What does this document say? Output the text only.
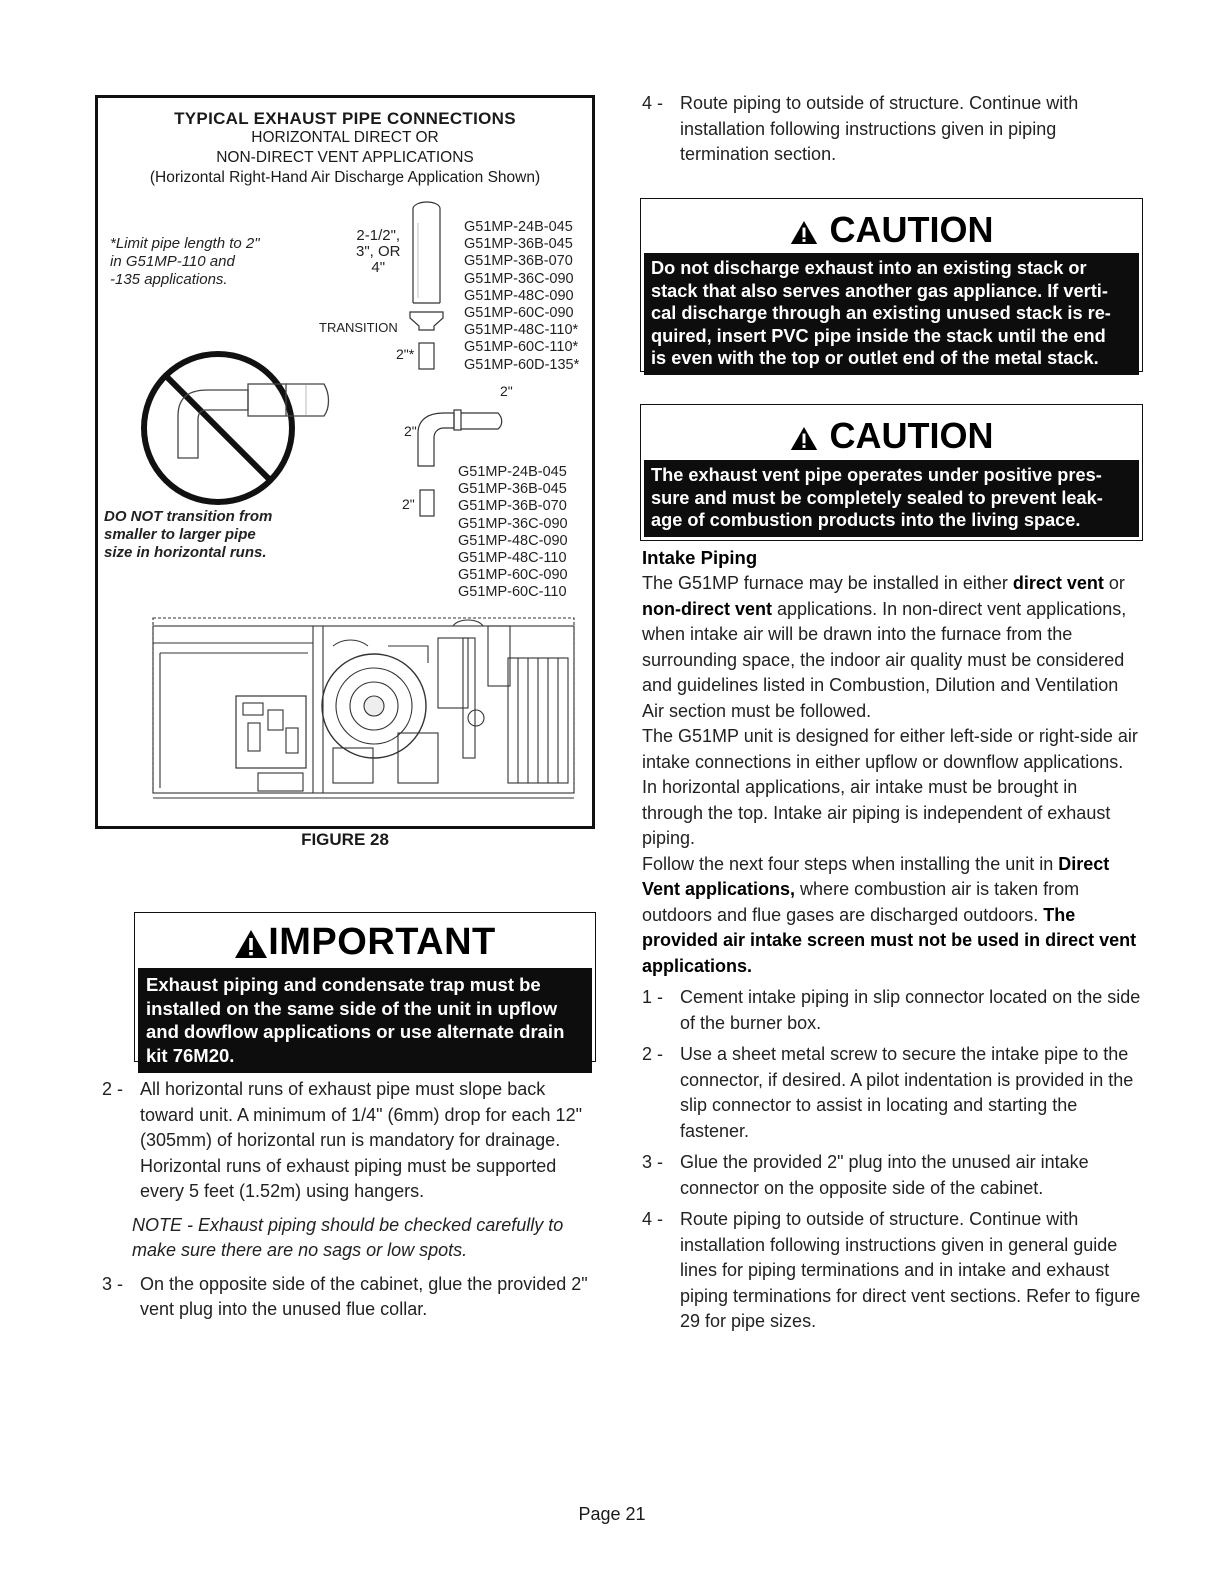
TYPICAL EXHAUST PIPE CONNECTIONS
HORIZONTAL DIRECT OR
NON-DIRECT VENT APPLICATIONS
(Horizontal Right-Hand Air Discharge Application Shown)
*Limit pipe length to 2"
in G51MP-110 and
-135 applications.
2-1/2",
3", OR
4"
TRANSITION
2"*
G51MP-24B-045
G51MP-36B-045
G51MP-36B-070
G51MP-36C-090
G51MP-48C-090
G51MP-60C-090
G51MP-48C-110*
G51MP-60C-110*
G51MP-60D-135*
2"
2"
2"
G51MP-24B-045
G51MP-36B-045
G51MP-36B-070
G51MP-36C-090
G51MP-48C-090
G51MP-48C-110
G51MP-60C-090
G51MP-60C-110
DO NOT transition from
smaller to larger pipe
size in horizontal runs.
FIGURE 28
IMPORTANT
Exhaust piping and condensate trap must be
installed on the same side of the unit in upflow
and dowflow applications or use alternate drain
kit 76M20.
2 - All horizontal runs of exhaust pipe must slope back toward unit. A minimum of 1/4" (6mm) drop for each 12" (305mm) of horizontal run is mandatory for drainage. Horizontal runs of exhaust piping must be supported every 5 feet (1.52m) using hangers.
NOTE - Exhaust piping should be checked carefully to make sure there are no sags or low spots.
3 - On the opposite side of the cabinet, glue the provided 2" vent plug into the unused flue collar.
4 - Route piping to outside of structure. Continue with installation following instructions given in piping termination section.
CAUTION
Do not discharge exhaust into an existing stack or
stack that also serves another gas appliance. If verti-
cal discharge through an existing unused stack is re-
quired, insert PVC pipe inside the stack until the end
is even with the top or outlet end of the metal stack.
CAUTION
The exhaust vent pipe operates under positive pres-
sure and must be completely sealed to prevent leak-
age of combustion products into the living space.
Intake Piping
The G51MP furnace may be installed in either direct vent or non-direct vent applications. In non-direct vent applications, when intake air will be drawn into the furnace from the surrounding space, the indoor air quality must be considered and guidelines listed in Combustion, Dilution and Ventilation Air section must be followed.
The G51MP unit is designed for either left-side or right-side air intake connections in either upflow or downflow applications. In horizontal applications, air intake must be brought in through the top. Intake air piping is independent of exhaust piping.
Follow the next four steps when installing the unit in Direct Vent applications, where combustion air is taken from outdoors and flue gases are discharged outdoors. The provided air intake screen must not be used in direct vent applications.
1 - Cement intake piping in slip connector located on the side of the burner box.
2 - Use a sheet metal screw to secure the intake pipe to the connector, if desired. A pilot indentation is provided in the slip connector to assist in locating and starting the fastener.
3 - Glue the provided 2" plug into the unused air intake connector on the opposite side of the cabinet.
4 - Route piping to outside of structure. Continue with installation following instructions given in general guide lines for piping terminations and in intake and exhaust piping terminations for direct vent sections. Refer to figure 29 for pipe sizes.
Page 21
